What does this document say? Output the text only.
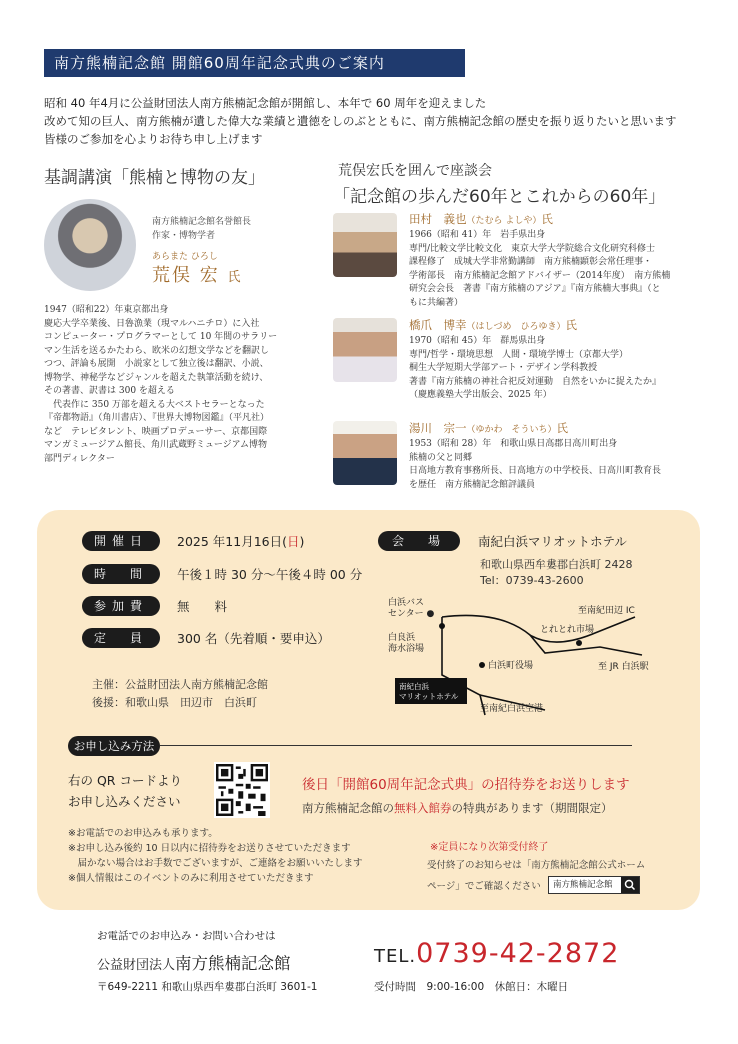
南方熊楠記念館 開館60周年記念式典のご案内
昭和 40 年4月に公益財団法人南方熊楠記念館が開館し、本年で 60 周年を迎えました
改めて知の巨人、南方熊楠が遺した偉大な業績と遺徳をしのぶとともに、南方熊楠記念館の歴史を振り返りたいと思います
皆様のご参加を心よりお待ち申し上げます
基調講演「熊楠と博物の友」
南方熊楠記念館名誉館長
作家・博物学者
あらまた ひろし
荒俣 宏 氏
1947（昭和22）年東京都出身
慶応大学卒業後、日魯漁業（現マルハニチロ）に入社
コンピューター・プログラマーとして 10 年間のサラリー
マン生活を送るかたわら、欧米の幻想文学などを翻訳し
つつ、評論も展開　小説家として独立後は翻訳、小説、
博物学、神秘学などジャンルを超えた執筆活動を続け、
その著書、訳書は 300 を超える
　代表作に 350 万部を超える大ベストセラーとなった
『帝都物語』（角川書店）、『世界大博物図鑑』（平凡社）
など　テレビタレント、映画プロデューサー、京都国際
マンガミュージアム館長、角川武蔵野ミュージアム博物
部門ディレクター
荒俣宏氏を囲んで座談会
「記念館の歩んだ60年とこれからの60年」
田村　義也（たむら よしや）氏
1966（昭和 41）年　岩手県出身
専門/比較文学比較文化　東京大学大学院総合文化研究科修士
課程修了　成城大学非常勤講師　南方熊楠顕彰会常任理事・
学術部長　南方熊楠記念館アドバイザー（2014年度）　南方熊楠
研究会会長　著書『南方熊楠のアジア』『南方熊楠大事典』（と
もに共編著）
橋爪　博幸（はしづめ　ひろゆき）氏
1970（昭和 45）年　群馬県出身
専門/哲学・環境思想　人間・環境学博士（京都大学）
桐生大学短期大学部アート・デザイン学科教授
著書『南方熊楠の神社合祀反対運動　自然をいかに捉えたか』
（慶應義塾大学出版会、2025 年）
湯川　宗一（ゆかわ　そういち）氏
1953（昭和 28）年　和歌山県日高郡日高川町出身
熊楠の父と同郷
日高地方教育事務所長、日高地方の中学校長、日高川町教育長
を歴任　南方熊楠記念館評議員
開催日	2025 年11月16日(日)
時　間	午後１時 30 分～午後４時 00 分
参加費	無　　料
定　員	300 名（先着順・要申込）
会　場	南紀白浜マリオットホテル
和歌山県西牟婁郡白浜町 2428
Tel：0739-43-2600
主催：公益財団法人南方熊楠記念館
後援：和歌山県　田辺市　白浜町
白浜バス
センター ●
白良浜
海水浴場
白浜町役場
南紀白浜
マリオットホテル
至南紀白浜空港
至南紀田辺 IC
とれとれ市場
至 JR 白浜駅
お申し込み方法
右の QR コードより
お申し込みください
後日「開館60周年記念式典」の招待券をお送りします
南方熊楠記念館の無料入館券の特典があります（期間限定）
※お電話でのお申込みも承ります。
※お申し込み後約 10 日以内に招待券をお送りさせていただきます
　届かない場合はお手数でございますが、ご連絡をお願いいたします
※個人情報はこのイベントのみに利用させていただきます
※定員になり次第受付終了
受付終了のお知らせは「南方熊楠記念館公式ホーム
ページ」でご確認ください	南方熊楠記念館
お電話でのお申込み・お問い合わせは
公益財団法人南方熊楠記念館
〒649-2211 和歌山県西牟婁郡白浜町 3601-1
TEL.0739-42-2872
受付時間　9:00-16:00　休館日：木曜日
